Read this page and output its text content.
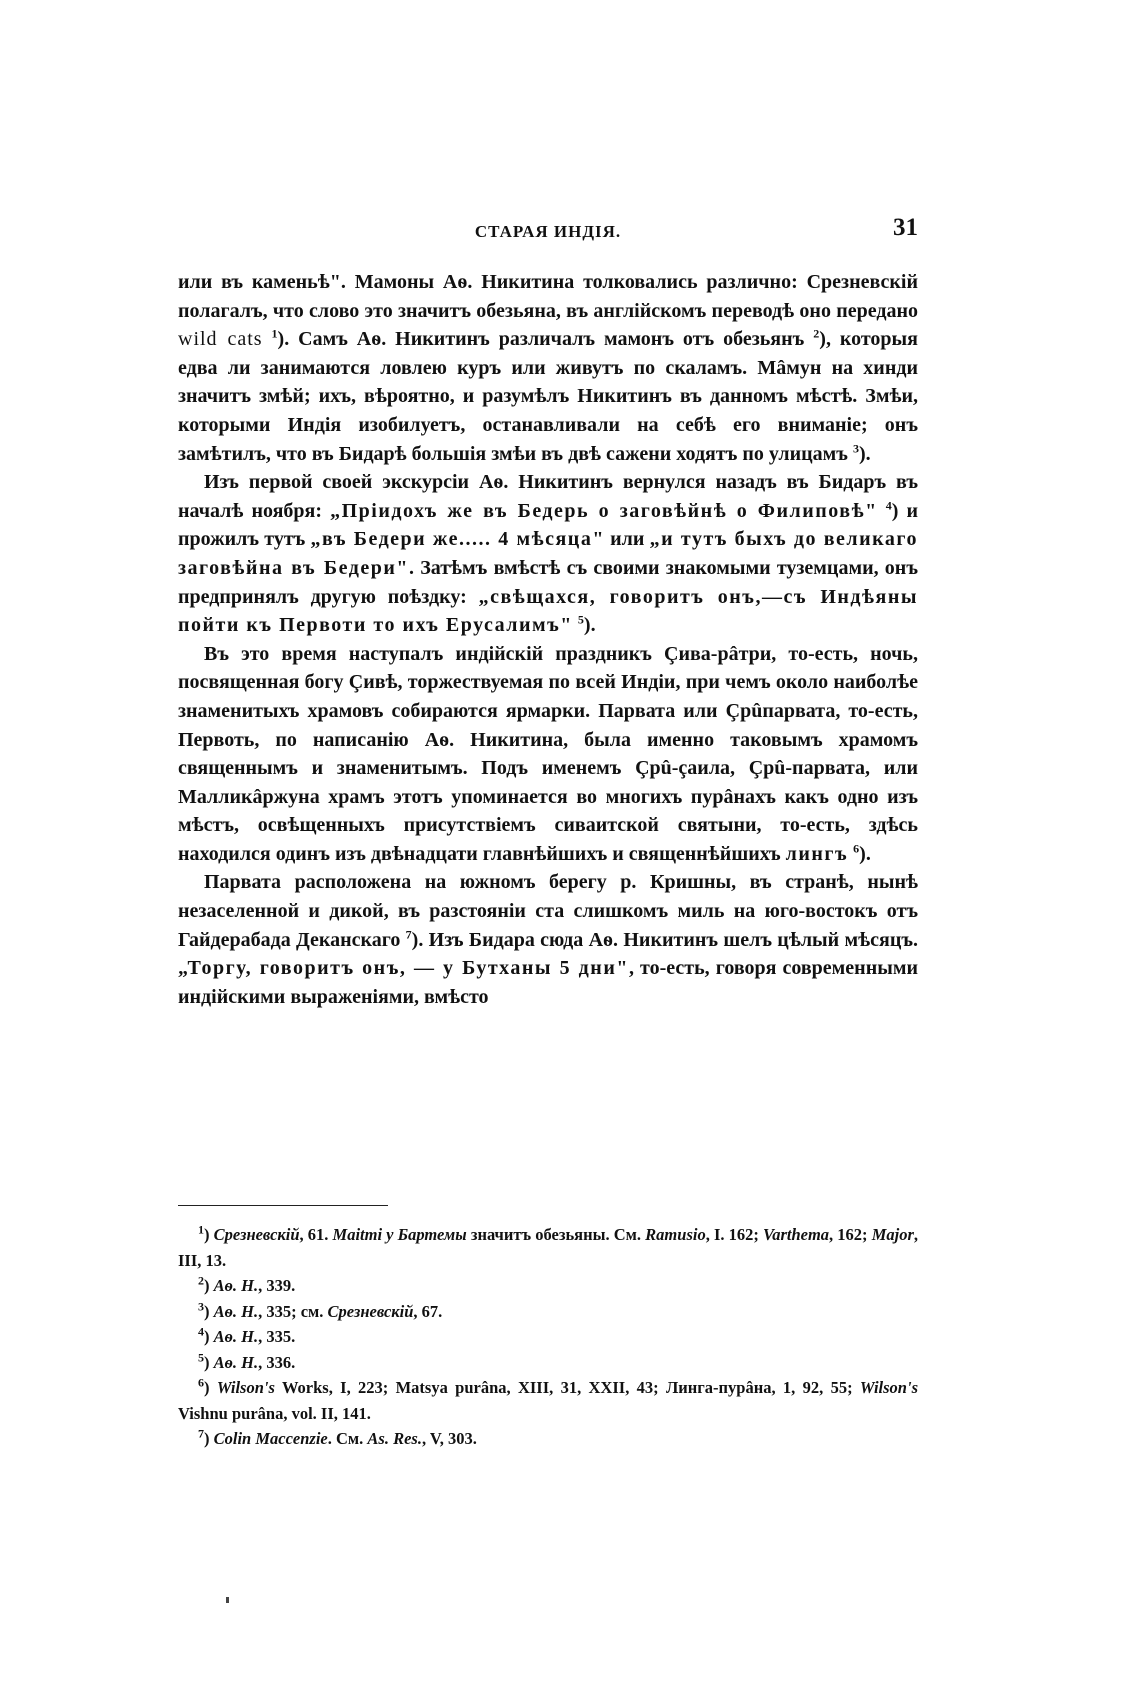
СТАРАЯ ИНДІЯ.	31

или въ каменьѣ". Мамоны Аѳ. Никитина толковались различно: Срезневскій полагалъ, что слово это значитъ обезьяна, въ англійскомъ переводѣ оно передано wild cats $^1$). Самъ Аѳ. Никитинъ различалъ мамонъ отъ обезьянъ $^2$), которыя едва ли занимаются ловлею куръ или живутъ по скаламъ. Мâмун на хинди значитъ змѣй; ихъ, вѣроятно, и разумѣлъ Никитинъ въ данномъ мѣстѣ. Змѣи, которыми Индія изобилуетъ, останавливали на себѣ его вниманіе; онъ замѣтилъ, что въ Бидарѣ большія змѣи въ двѣ сажени ходятъ по улицамъ $^3$).

Изъ первой своей экскурсіи Аѳ. Никитинъ вернулся назадъ въ Бидаръ въ началѣ ноября: „Пріидохъ же въ Бедерь о заговѣйнѣ о Филиповѣ" $^4$) и прожилъ тутъ „въ Бедери же..... 4 мѣсяца" или „и тутъ быхъ до великаго заговѣйна въ Бедери". Затѣмъ вмѣстѣ съ своими знакомыми туземцами, онъ предпринялъ другую поѣздку: „свѣщахся, говоритъ онъ,—съ Индѣяны пойти къ Первоти то ихъ Ерусалимъ" $^5$).

Въ это время наступалъ индійскій праздникъ Çива-рâтри, то-есть, ночь, посвященная богу Çивѣ, торжествуемая по всей Индіи, при чемъ около наиболѣе знаменитыхъ храмовъ собираются ярмарки. Парвата или Çрûпарвата, то-есть, Первоть, по написанію Аѳ. Никитина, была именно таковымъ храмомъ священнымъ и знаменитымъ. Подъ именемъ Çрû-çаила, Çрû-парвата, или Малликâржуна храмъ этотъ упоминается во многихъ пурâнахъ какъ одно изъ мѣстъ, освѣщенныхъ присутствіемъ сиваитской святыни, то-есть, здѣсь находился одинъ изъ двѣнадцати главнѣйшихъ и священнѣйшихъ лингъ $^6$).

Парвата расположена на южномъ берегу р. Кришны, въ странѣ, нынѣ незаселенной и дикой, въ разстояніи ста слишкомъ миль на юго-востокъ отъ Гайдерабада Деканскаго $^7$). Изъ Бидара сюда Аѳ. Никитинъ шелъ цѣлый мѣсяцъ. „Торгу, говоритъ онъ, — у Бутханы 5 дни", то-есть, говоря современными индійскими выраженіями, вмѣсто

$^1$) Срезневскій, 61. Maitmi у Бартемы значитъ обезьяны. См. Ramusio, I. 162; Varthema, 162; Major, III, 13.

$^2$) Аѳ. Н., 339.

$^3$) Аѳ. Н., 335; см. Срезневскій, 67.

$^4$) Аѳ. Н., 335.

$^5$) Аѳ. Н., 336.

$^6$) Wilson's Works, I, 223; Matsya purâna, XIII, 31, XXII, 43; Линга-пурâна, 1, 92, 55; Wilson's Vishnu purâna, vol. II, 141.

$^7$) Colin Maccenzie. См. As. Res., V, 303.
